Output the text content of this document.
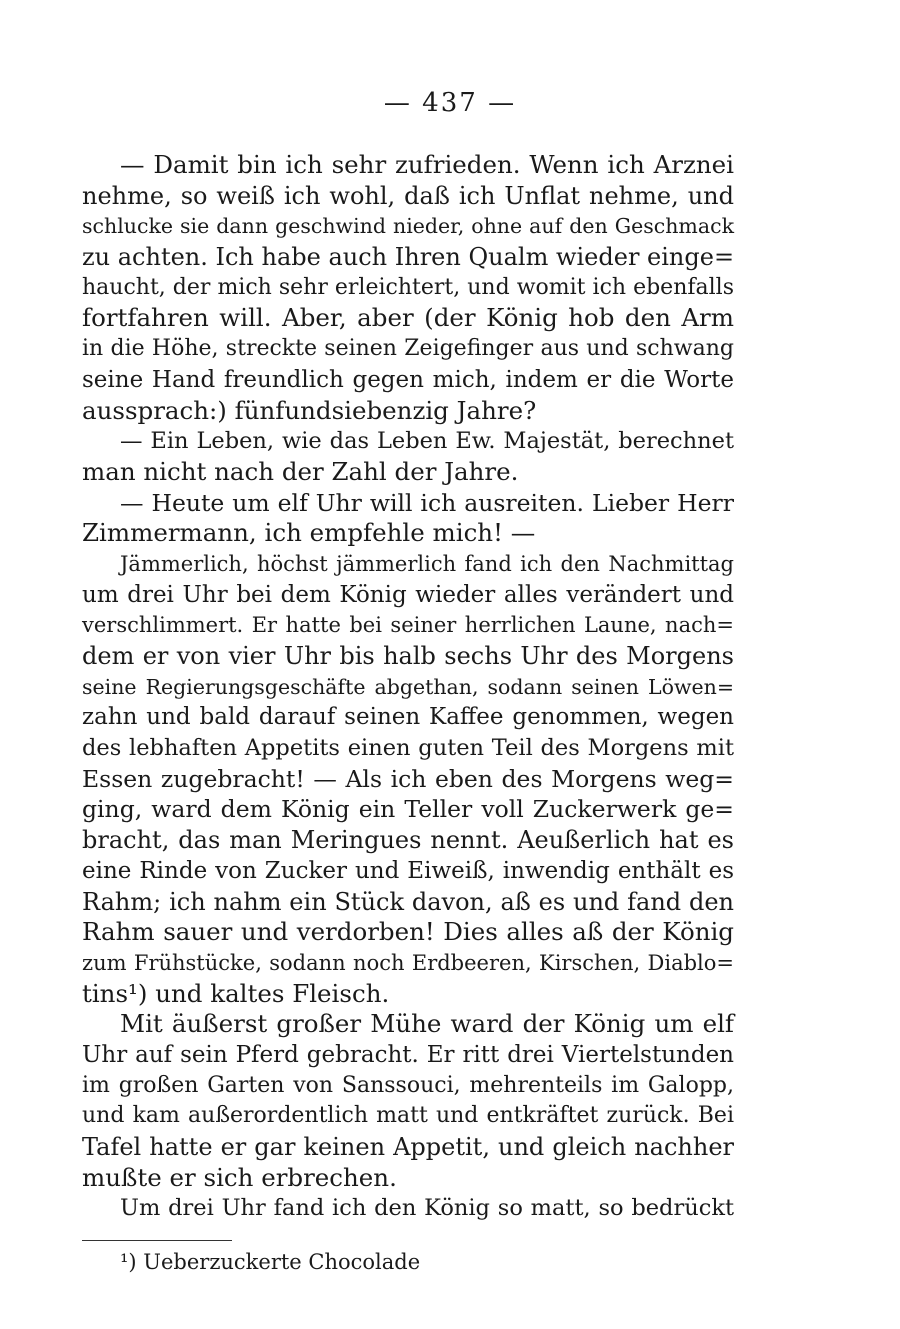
— 437 —
— Damit bin ich sehr zufrieden. Wenn ich Arznei
nehme, so weiß ich wohl, daß ich Unflat nehme, und
schlucke sie dann geschwind nieder, ohne auf den Geschmack
zu achten. Ich habe auch Ihren Qualm wieder einge=
haucht, der mich sehr erleichtert, und womit ich ebenfalls
fortfahren will. Aber, aber (der König hob den Arm
in die Höhe, streckte seinen Zeigefinger aus und schwang
seine Hand freundlich gegen mich, indem er die Worte
aussprach:) fünfundsiebenzig Jahre?
— Ein Leben, wie das Leben Ew. Majestät, berechnet
man nicht nach der Zahl der Jahre.
— Heute um elf Uhr will ich ausreiten. Lieber Herr
Zimmermann, ich empfehle mich! —
Jämmerlich, höchst jämmerlich fand ich den Nachmittag
um drei Uhr bei dem König wieder alles verändert und
verschlimmert. Er hatte bei seiner herrlichen Laune, nach=
dem er von vier Uhr bis halb sechs Uhr des Morgens
seine Regierungsgeschäfte abgethan, sodann seinen Löwen=
zahn und bald darauf seinen Kaffee genommen, wegen
des lebhaften Appetits einen guten Teil des Morgens mit
Essen zugebracht! — Als ich eben des Morgens weg=
ging, ward dem König ein Teller voll Zuckerwerk ge=
bracht, das man Meringues nennt. Aeußerlich hat es
eine Rinde von Zucker und Eiweiß, inwendig enthält es
Rahm; ich nahm ein Stück davon, aß es und fand den
Rahm sauer und verdorben! Dies alles aß der König
zum Frühstücke, sodann noch Erdbeeren, Kirschen, Diablo=
tins¹) und kaltes Fleisch.
Mit äußerst großer Mühe ward der König um elf
Uhr auf sein Pferd gebracht. Er ritt drei Viertelstunden
im großen Garten von Sanssouci, mehrenteils im Galopp,
und kam außerordentlich matt und entkräftet zurück. Bei
Tafel hatte er gar keinen Appetit, und gleich nachher
mußte er sich erbrechen.
Um drei Uhr fand ich den König so matt, so bedrückt
¹) Ueberzuckerte Chocolade
